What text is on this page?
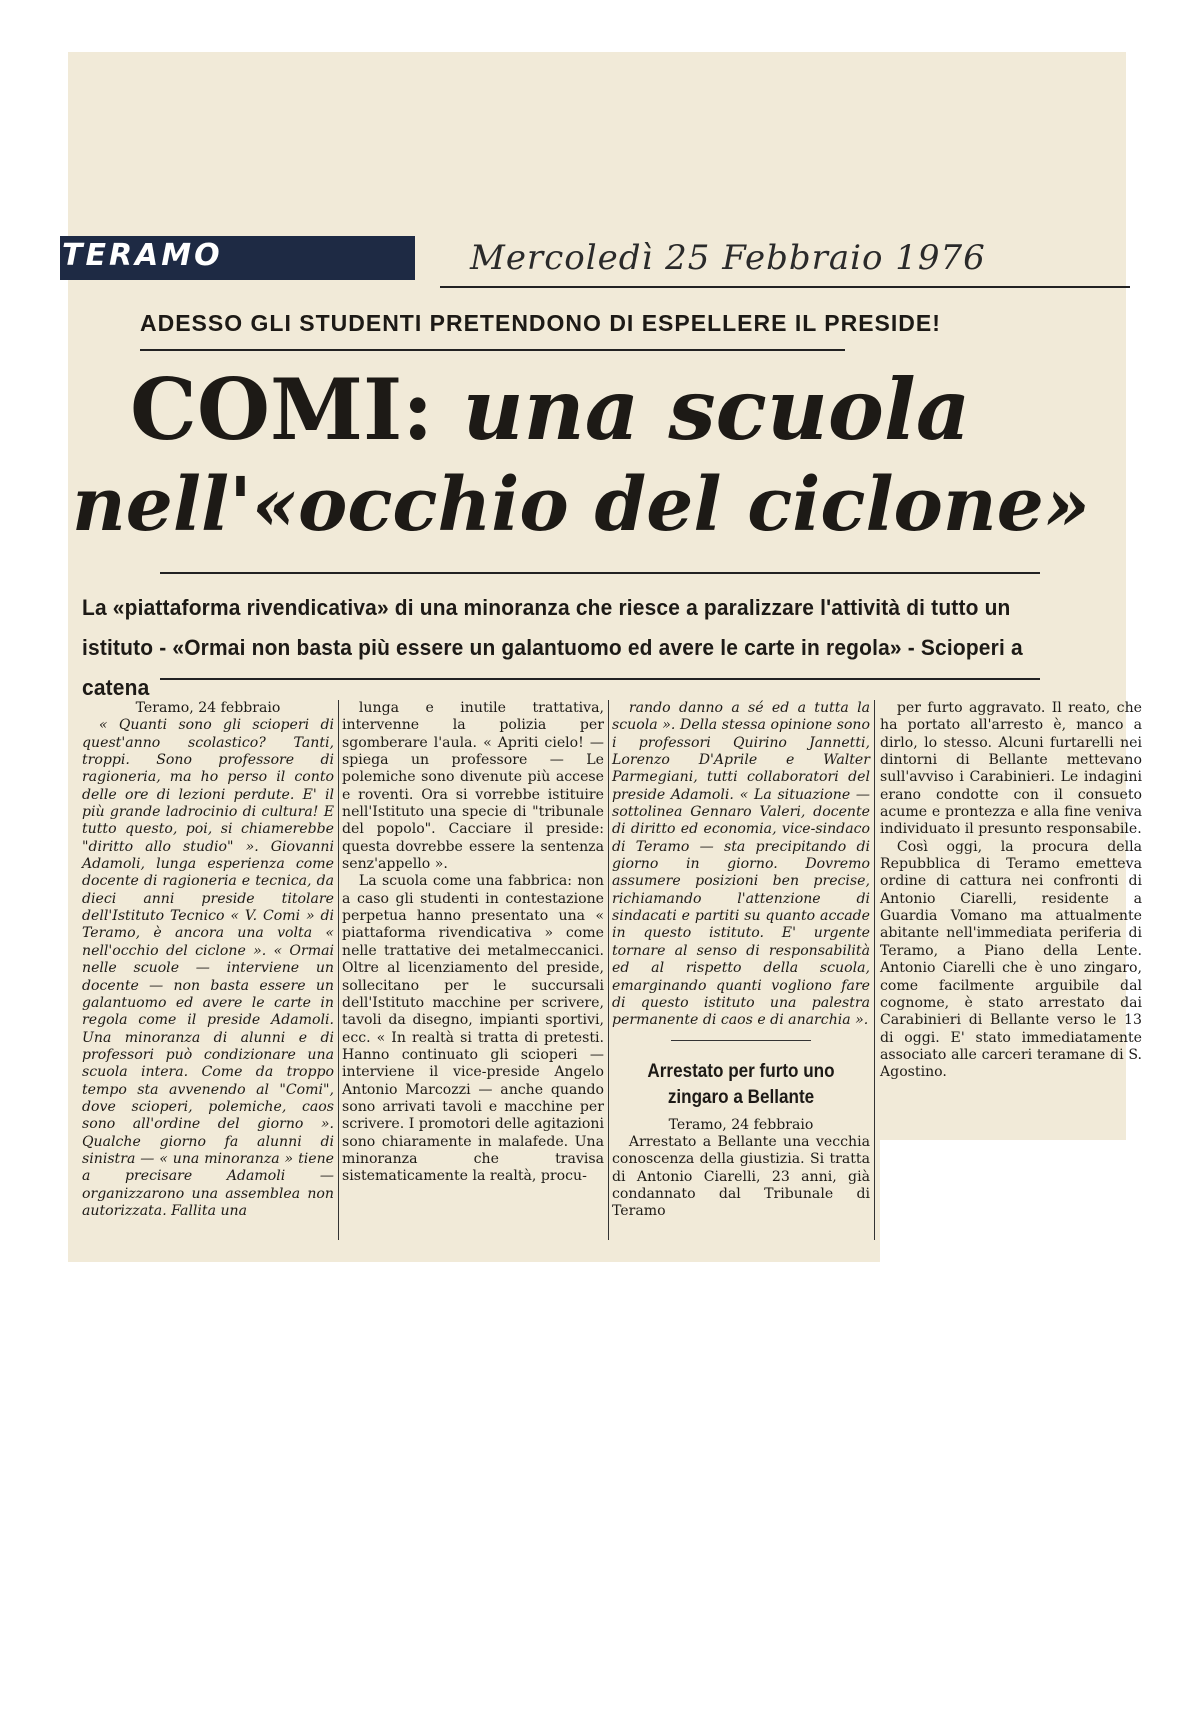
TERAMO	Mercoledì 25 Febbraio 1976
ADESSO GLI STUDENTI PRETENDONO DI ESPELLERE IL PRESIDE!
COMI: una scuola
nell'«occhio del ciclone»
La «piattaforma rivendicativa» di una minoranza che riesce a paralizzare l'attività di tutto un istituto - «Ormai non basta più essere un galantuomo ed avere le carte in regola» - Scioperi a catena

Teramo, 24 febbraio

« Quanti sono gli scioperi di quest'anno scolastico? Tanti, troppi. Sono professore di ragioneria, ma ho perso il conto delle ore di lezioni perdute. E' il più grande ladrocinio di cultura! E tutto questo, poi, si chiamerebbe "diritto allo studio" ». Giovanni Adamoli, lunga esperienza come docente di ragioneria e tecnica, da dieci anni preside titolare dell'Istituto Tecnico « V. Comi » di Teramo, è ancora una volta « nell'occhio del ciclone ». « Ormai nelle scuole — interviene un docente — non basta essere un galantuomo ed avere le carte in regola come il preside Adamoli. Una minoranza di alunni e di professori può condizionare una scuola intera. Come da troppo tempo sta avvenendo al "Comi", dove scioperi, polemiche, caos sono all'ordine del giorno ». Qualche giorno fa alunni di sinistra — « una minoranza » tiene a precisare Adamoli — organizzarono una assemblea non autorizzata. Fallita una

lunga e inutile trattativa, intervenne la polizia per sgomberare l'aula. « Apriti cielo! — spiega un professore — Le polemiche sono divenute più accese e roventi. Ora si vorrebbe istituire nell'Istituto una specie di "tribunale del popolo". Cacciare il preside: questa dovrebbe essere la sentenza senz'appello ».

La scuola come una fabbrica: non a caso gli studenti in contestazione perpetua hanno presentato una « piattaforma rivendicativa » come nelle trattative dei metalmeccanici. Oltre al licenziamento del preside, sollecitano per le succursali dell'Istituto macchine per scrivere, tavoli da disegno, impianti sportivi, ecc. « In realtà si tratta di pretesti. Hanno continuato gli scioperi — interviene il vice-preside Angelo Antonio Marcozzi — anche quando sono arrivati tavoli e macchine per scrivere. I promotori delle agitazioni sono chiaramente in malafede. Una minoranza che travisa sistematicamente la realtà, procu-

rando danno a sé ed a tutta la scuola ». Della stessa opinione sono i professori Quirino Jannetti, Lorenzo D'Aprile e Walter Parmegiani, tutti collaboratori del preside Adamoli. « La situazione — sottolinea Gennaro Valeri, docente di diritto ed economia, vice-sindaco di Teramo — sta precipitando di giorno in giorno. Dovremo assumere posizioni ben precise, richiamando l'attenzione di sindacati e partiti su quanto accade in questo istituto. E' urgente tornare al senso di responsabilità ed al rispetto della scuola, emarginando quanti vogliono fare di questo istituto una palestra permanente di caos e di anarchia ».

Arrestato per furto uno zingaro a Bellante

Teramo, 24 febbraio

Arrestato a Bellante una vecchia conoscenza della giustizia. Si tratta di Antonio Ciarelli, 23 anni, già condannato dal Tribunale di Teramo

per furto aggravato. Il reato, che ha portato all'arresto è, manco a dirlo, lo stesso. Alcuni furtarelli nei dintorni di Bellante mettevano sull'avviso i Carabinieri. Le indagini erano condotte con il consueto acume e prontezza e alla fine veniva individuato il presunto responsabile.

Così oggi, la procura della Repubblica di Teramo emetteva ordine di cattura nei confronti di Antonio Ciarelli, residente a Guardia Vomano ma attualmente abitante nell'immediata periferia di Teramo, a Piano della Lente. Antonio Ciarelli che è uno zingaro, come facilmente arguibile dal cognome, è stato arrestato dai Carabinieri di Bellante verso le 13 di oggi. E' stato immediatamente associato alle carceri teramane di S. Agostino.
